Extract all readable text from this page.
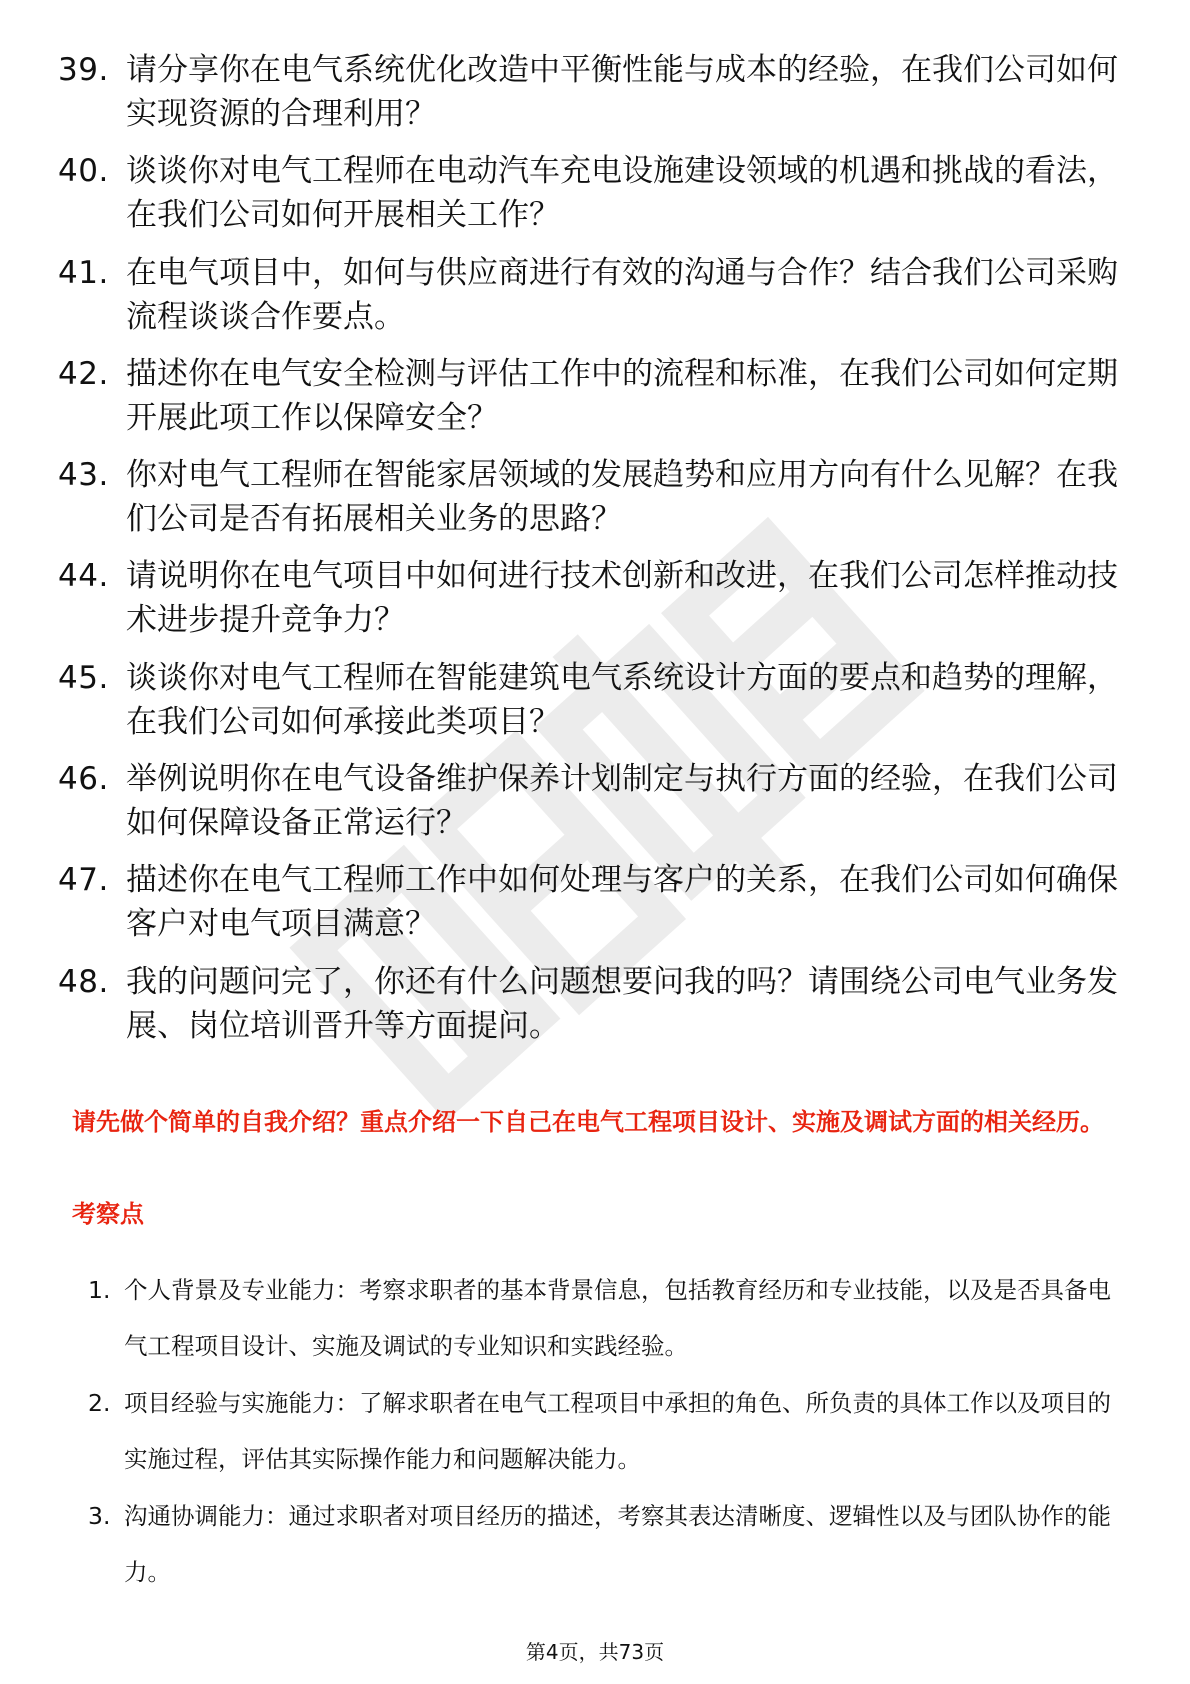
39. 请分享你在电气系统优化改造中平衡性能与成本的经验，在我们公司如何实现资源的合理利用？
40. 谈谈你对电气工程师在电动汽车充电设施建设领域的机遇和挑战的看法，在我们公司如何开展相关工作？
41. 在电气项目中，如何与供应商进行有效的沟通与合作？结合我们公司采购流程谈谈合作要点。
42. 描述你在电气安全检测与评估工作中的流程和标准，在我们公司如何定期开展此项工作以保障安全？
43. 你对电气工程师在智能家居领域的发展趋势和应用方向有什么见解？在我们公司是否有拓展相关业务的思路？
44. 请说明你在电气项目中如何进行技术创新和改进，在我们公司怎样推动技术进步提升竞争力？
45. 谈谈你对电气工程师在智能建筑电气系统设计方面的要点和趋势的理解，在我们公司如何承接此类项目？
46. 举例说明你在电气设备维护保养计划制定与执行方面的经验，在我们公司如何保障设备正常运行？
47. 描述你在电气工程师工作中如何处理与客户的关系，在我们公司如何确保客户对电气项目满意？
48. 我的问题问完了，你还有什么问题想要问我的吗？请围绕公司电气业务发展、岗位培训晋升等方面提问。

请先做个简单的自我介绍？重点介绍一下自己在电气工程项目设计、实施及调试方面的相关经历。

考察点

1. 个人背景及专业能力：考察求职者的基本背景信息，包括教育经历和专业技能，以及是否具备电气工程项目设计、实施及调试的专业知识和实践经验。
2. 项目经验与实施能力：了解求职者在电气工程项目中承担的角色、所负责的具体工作以及项目的实施过程，评估其实际操作能力和问题解决能力。
3. 沟通协调能力：通过求职者对项目经历的描述，考察其表达清晰度、逻辑性以及与团队协作的能力。
第4页，共73页
